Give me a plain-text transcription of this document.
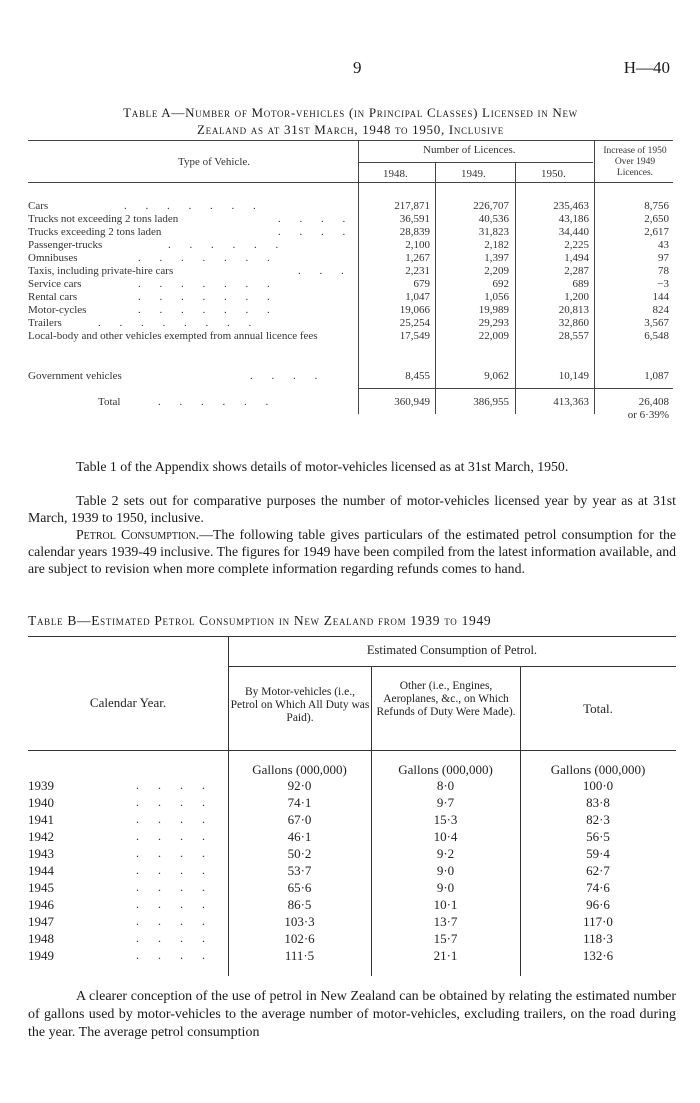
9	H—40
Table A—Number of Motor-vehicles (in Principal Classes) Licensed in New
Zealand as at 31st March, 1948 to 1950, Inclusive
Type of Vehicle.
Number of Licences.
1948.	1949.	1950.
Increase of 1950 Over 1949 Licences.
Cars	. . . . . . .	217,871	226,707	235,463	8,756
Trucks not exceeding 2 tons laden	. . . .	36,591	40,536	43,186	2,650
Trucks exceeding 2 tons laden	. . . .	28,839	31,823	34,440	2,617
Passenger-trucks	. . . . . .	2,100	2,182	2,225	43
Omnibuses	. . . . . . .	1,267	1,397	1,494	97
Taxis, including private-hire cars	. . .	2,231	2,209	2,287	78
Service cars	. . . . . . .	679	692	689	−3
Rental cars	. . . . . . .	1,047	1,056	1,200	144
Motor-cycles	. . . . . . .	19,066	19,989	20,813	824
Trailers	. . . . . . . .	25,254	29,293	32,860	3,567
Local-body and other vehicles exempted from annual licence fees	17,549	22,009	28,557	6,548
Government vehicles	. . . .	8,455	9,062	10,149	1,087
Total	. . . . . .	360,949	386,955	413,363	26,408
or 6·39%
Table 1 of the Appendix shows details of motor-vehicles licensed as at 31st March, 1950.
Table 2 sets out for comparative purposes the number of motor-vehicles licensed year by year as at 31st March, 1939 to 1950, inclusive.
Petrol Consumption.—The following table gives particulars of the estimated petrol consumption for the calendar years 1939-49 inclusive. The figures for 1949 have been compiled from the latest information available, and are subject to revision when more complete information regarding refunds comes to hand.
Table B—Estimated Petrol Consumption in New Zealand from 1939 to 1949
Estimated Consumption of Petrol.
Calendar Year.
By Motor-vehicles (i.e., Petrol on Which All Duty was Paid).
Other (i.e., Engines, Aeroplanes, &c., on Which Refunds of Duty Were Made).	Total.
Gallons (000,000)	Gallons (000,000)	Gallons (000,000)
1939	. . . .	92·0	8·0	100·0
1940	. . . .	74·1	9·7	83·8
1941	. . . .	67·0	15·3	82·3
1942	. . . .	46·1	10·4	56·5
1943	. . . .	50·2	9·2	59·4
1944	. . . .	53·7	9·0	62·7
1945	. . . .	65·6	9·0	74·6
1946	. . . .	86·5	10·1	96·6
1947	. . . .	103·3	13·7	117·0
1948	. . . .	102·6	15·7	118·3
1949	. . . .	111·5	21·1	132·6
A clearer conception of the use of petrol in New Zealand can be obtained by relating the estimated number of gallons used by motor-vehicles to the average number of motor-vehicles, excluding trailers, on the road during the year. The average petrol consumption
